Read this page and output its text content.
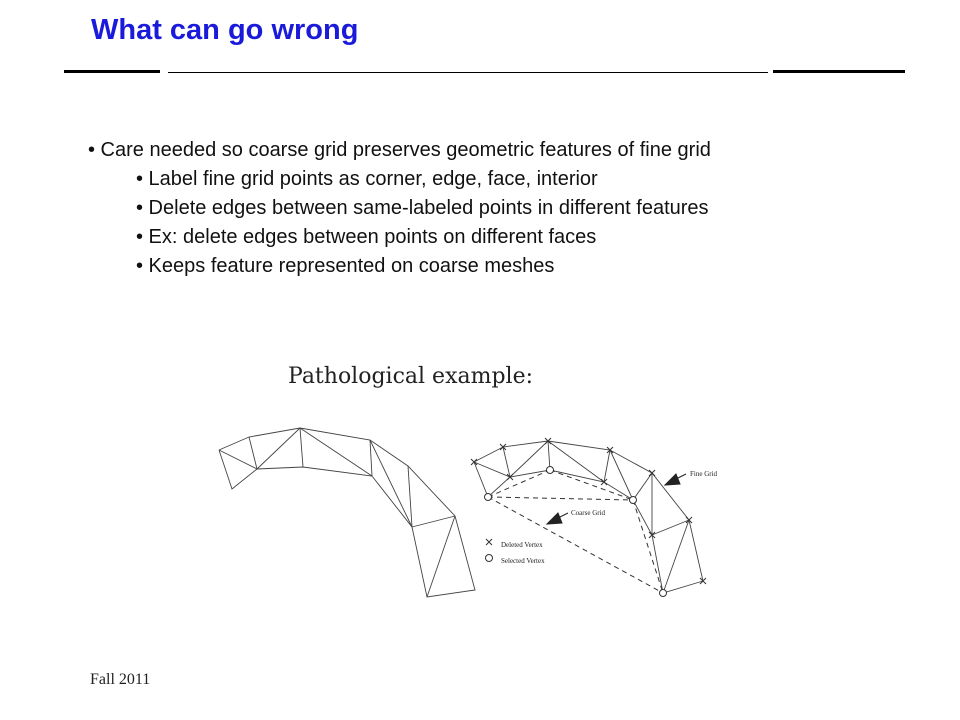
What can go wrong
• Care needed so coarse grid preserves geometric features of fine grid
• Label fine grid points as corner, edge, face, interior
• Delete edges between same-labeled points in different features
• Ex: delete edges between points on different faces
• Keeps feature represented on coarse meshes
Pathological example:
Fine Grid
Coarse Grid
Deleted Vertex
Selected Vertex
Fall 2011
